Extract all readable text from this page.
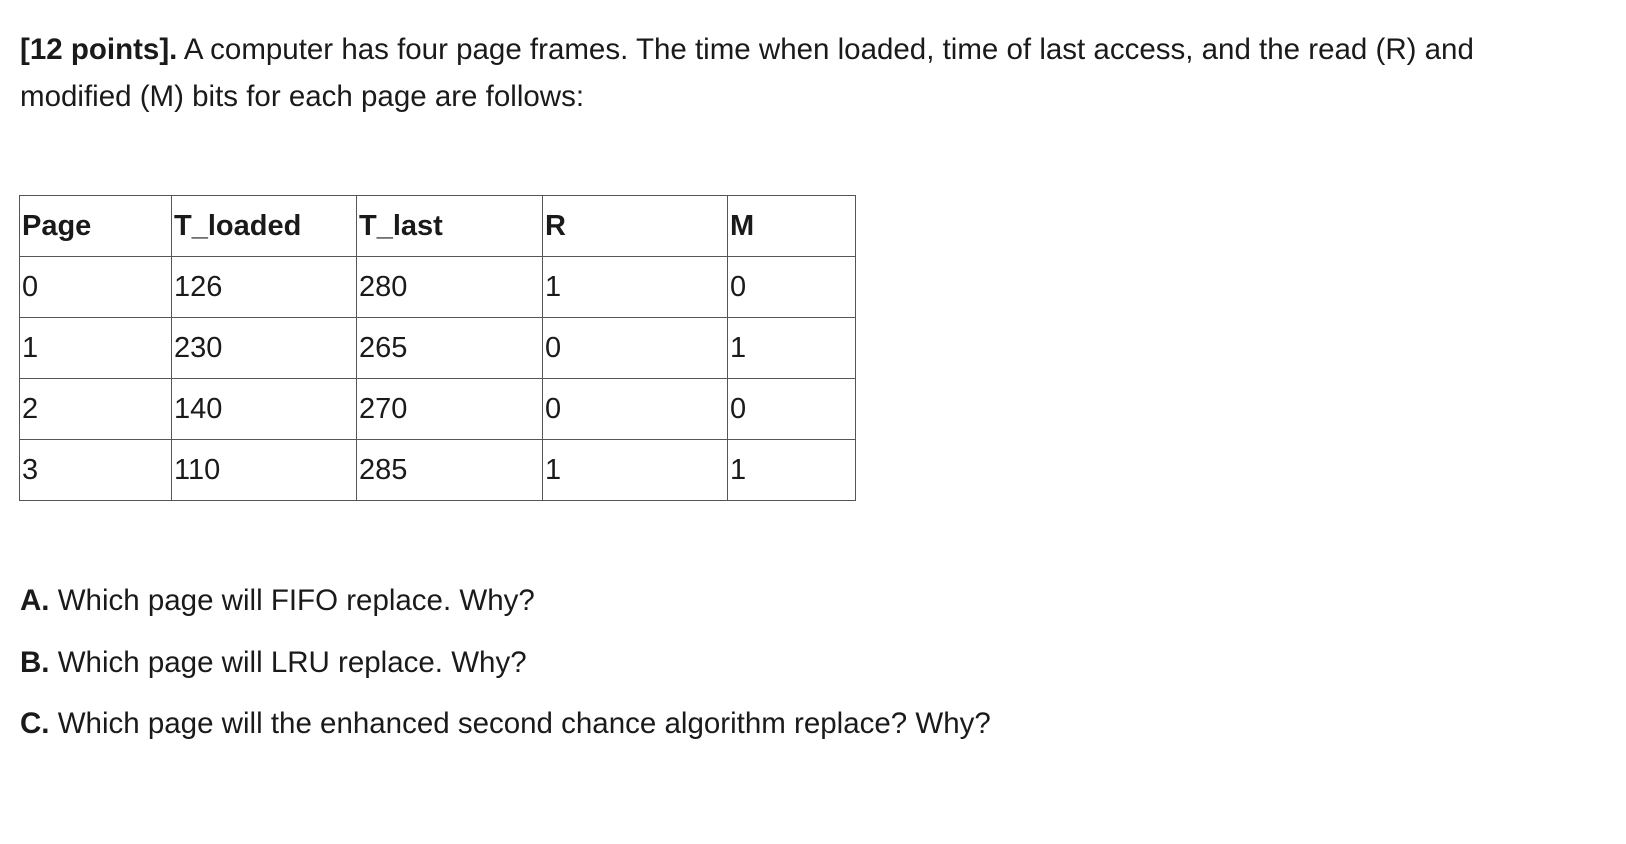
[12 points]. A computer has four page frames. The time when loaded, time of last access, and the read (R) and
modified (M) bits for each page are follows:
Page	T_loaded	T_last	R	M
0	126	280	1	0
1	230	265	0	1
2	140	270	0	0
3	110	285	1	1

A. Which page will FIFO replace. Why?

B. Which page will LRU replace. Why?

C. Which page will the enhanced second chance algorithm replace? Why?
